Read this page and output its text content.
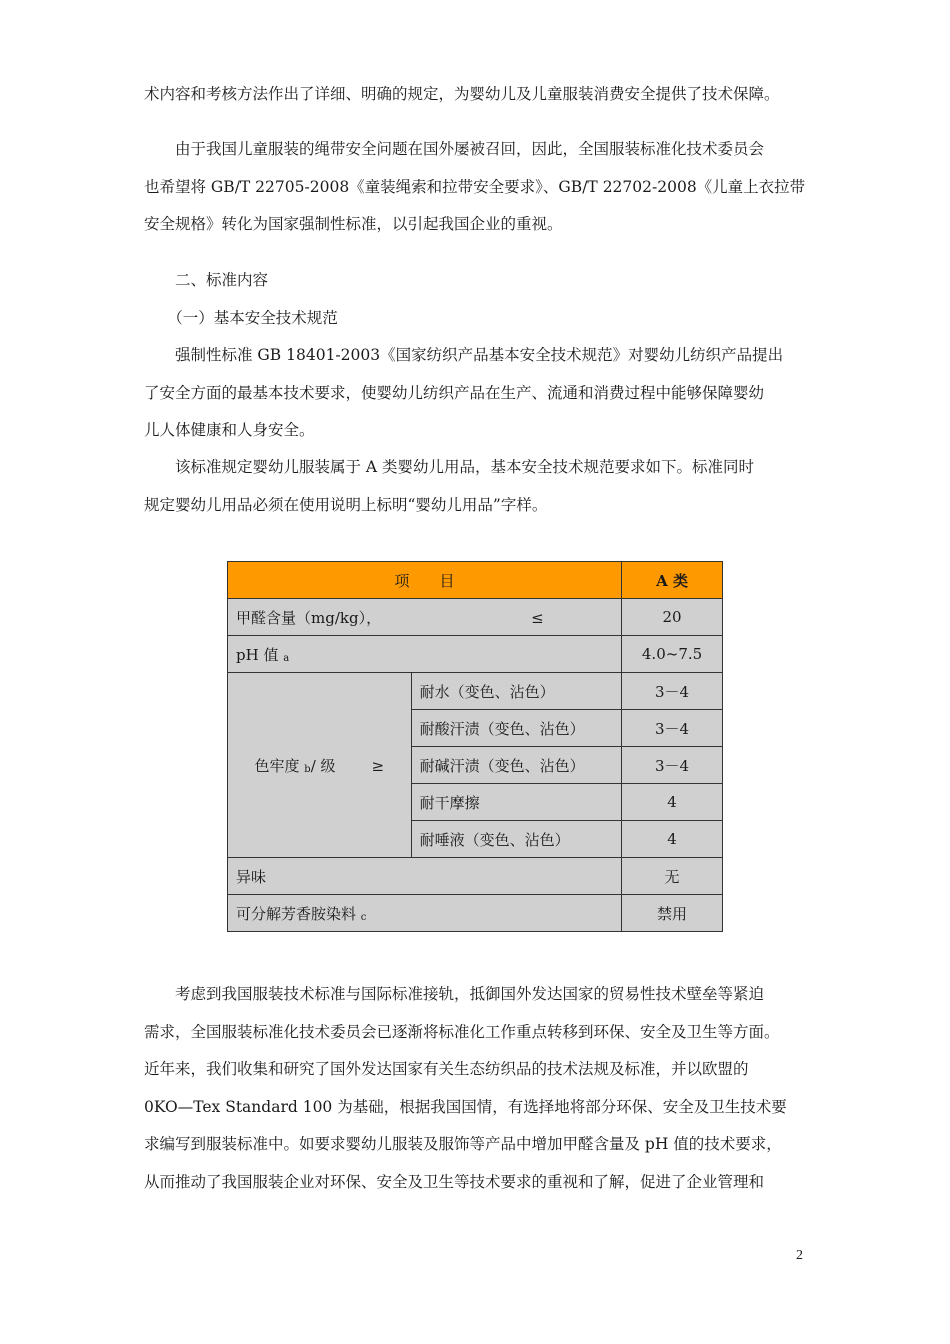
术内容和考核方法作出了详细、明确的规定，为婴幼儿及儿童服装消费安全提供了技术保障。

　　由于我国儿童服装的绳带安全问题在国外屡被召回，因此，全国服装标准化技术委员会
也希望将 GB/T 22705-2008《童装绳索和拉带安全要求》、GB/T 22702-2008《儿童上衣拉带
安全规格》转化为国家强制性标准，以引起我国企业的重视。

　　二、标准内容

　　（一）基本安全技术规范

　　强制性标准 GB 18401-2003《国家纺织产品基本安全技术规范》对婴幼儿纺织产品提出
了安全方面的最基本技术要求，使婴幼儿纺织产品在生产、流通和消费过程中能够保障婴幼
儿人体健康和人身安全。

　　该标准规定婴幼儿服装属于 A 类婴幼儿用品，基本安全技术规范要求如下。标准同时
规定婴幼儿用品必须在使用说明上标明“婴幼儿用品”字样。

项　　目		A 类
甲醛含量（mg/kg）， ≤		20
pH 值 a		4.0~7.5
色牢度 b/ 级 ≥	耐水（变色、沾色）	3－4
	耐酸汗渍（变色、沾色）	3－4
	耐碱汗渍（变色、沾色）	3－4
	耐干摩擦	4
	耐唾液（变色、沾色）	4
异味		无
可分解芳香胺染料 c		禁用

　　考虑到我国服装技术标准与国际标准接轨，抵御国外发达国家的贸易性技术壁垒等紧迫
需求，全国服装标准化技术委员会已逐渐将标准化工作重点转移到环保、安全及卫生等方面。
近年来，我们收集和研究了国外发达国家有关生态纺织品的技术法规及标准，并以欧盟的
0KO—Tex Standard 100 为基础，根据我国国情，有选择地将部分环保、安全及卫生技术要
求编写到服装标准中。如要求婴幼儿服装及服饰等产品中增加甲醛含量及 pH 值的技术要求，
从而推动了我国服装企业对环保、安全及卫生等技术要求的重视和了解，促进了企业管理和

2
